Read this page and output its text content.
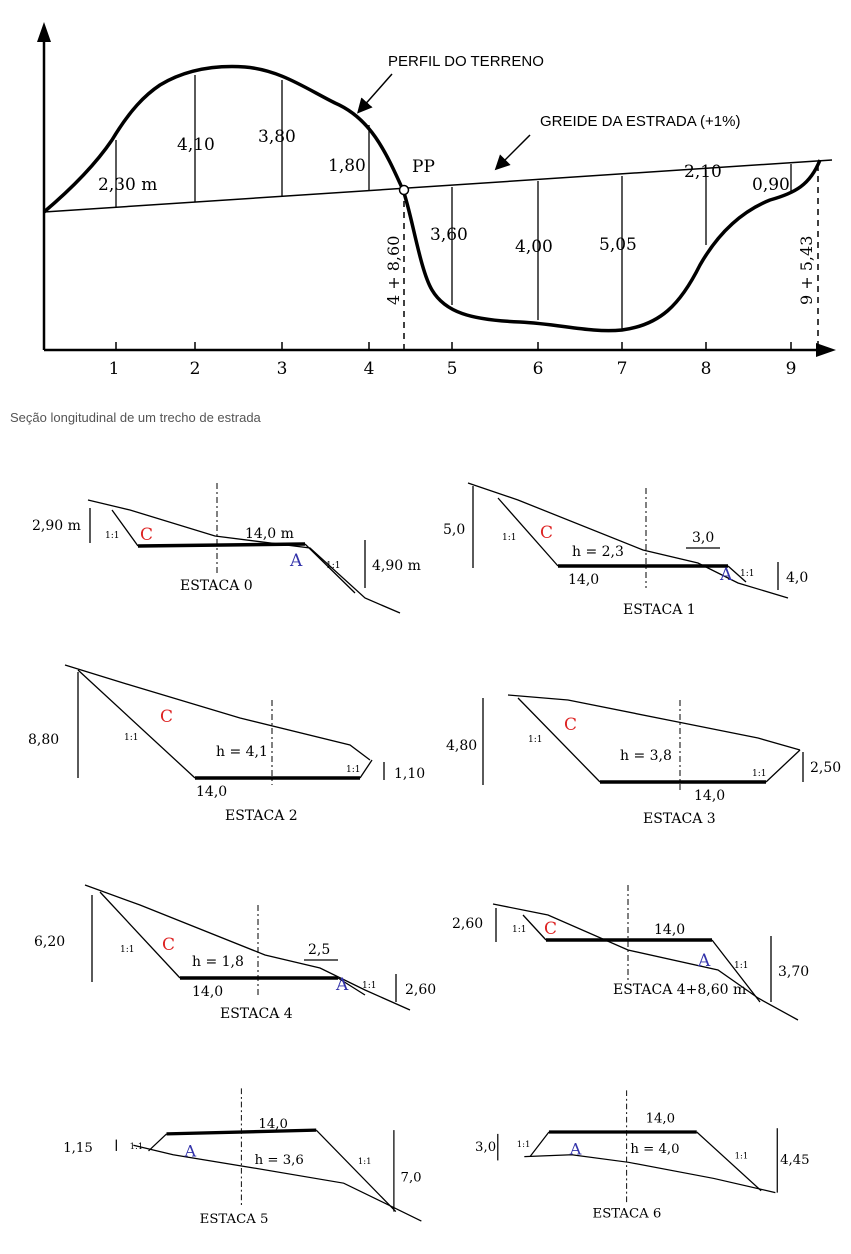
1	2	3	4	5	6	7	8	9
2,30 m
4,10	3,80
1,80
3,60
4,00	5,05
2,10
0,90
PP
4 + 8,60	9 + 5,43
PERFIL DO TERRENO
GREIDE DA ESTRADA (+1%)
Seção longitudinal de um trecho de estrada
2,90 m
4,90 m
14,0 m
1:1
1:1
C
A
ESTACA 0
5,0
4,0
14,0
h = 2,3
3,0
1:1
1:1
C
A
ESTACA 1
8,80
1,10
14,0
h = 4,1
1:1
1:1
C
ESTACA 2
4,80
2,50
14,0
h = 3,8
1:1
1:1
C
ESTACA 3
6,20
2,60
14,0
h = 1,8
2,5
1:1
1:1
C
A
ESTACA 4
2,60
3,70
14,0
1:1
1:1
C
A
ESTACA 4+8,60 m
1,15
7,0
14,0
h = 3,6
1:1
1:1
A
ESTACA 5
3,0
4,45
14,0
h = 4,0
1:1
1:1
A
ESTACA 6
